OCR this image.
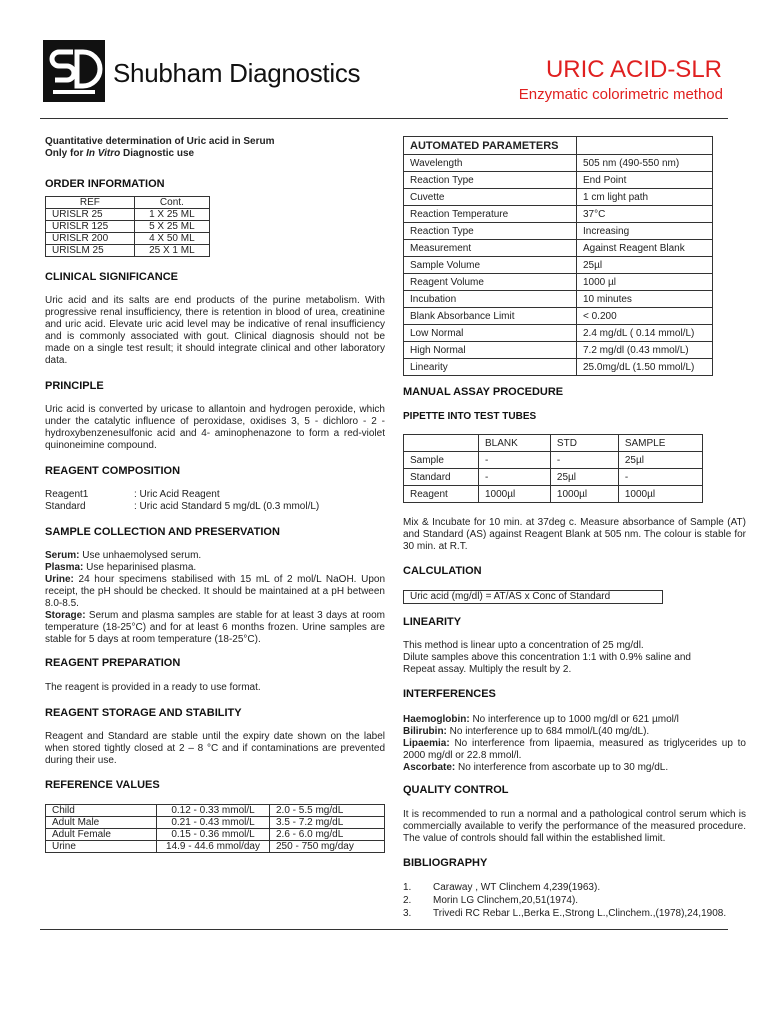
Shubham Diagnostics	URIC ACID-SLR
Enzymatic colorimetric method
Quantitative determination of Uric acid in Serum
Only for In Vitro Diagnostic use
ORDER INFORMATION
REF	Cont.
URISLR 25	1 X 25 ML
URISLR 125	5 X 25 ML
URISLR 200	4 X 50 ML
URISLM 25	25 X 1 ML
CLINICAL SIGNIFICANCE

Uric acid and its salts are end products of the purine metabolism. With progressive renal insufficiency, there is retention in blood of urea, creatinine and uric acid. Elevate uric acid level may be indicative of renal insufficiency and is commonly associated with gout. Clinical diagnosis should not be made on a single test result; it should integrate clinical and other laboratory data.

PRINCIPLE

Uric acid is converted by uricase to allantoin and hydrogen peroxide, which under the catalytic influence of peroxidase, oxidises 3, 5 - dichloro - 2 - hydroxybenzenesulfonic acid and 4- aminophenazone to form a red-violet quinoneimine compound.

REAGENT COMPOSITION
Reagent1	: Uric Acid Reagent
Standard	: Uric acid Standard 5 mg/dL (0.3 mmol/L)
SAMPLE COLLECTION AND PRESERVATION

Serum: Use unhaemolysed serum.

Plasma: Use heparinised plasma.

Urine: 24 hour specimens stabilised with 15 mL of 2 mol/L NaOH. Upon receipt, the pH should be checked. It should be maintained at a pH between 8.0-8.5.

Storage: Serum and plasma samples are stable for at least 3 days at room temperature (18-25°C) and for at least 6 months frozen. Urine samples are stable for 5 days at room temperature (18-25°C).

REAGENT PREPARATION

The reagent is provided in a ready to use format.

REAGENT STORAGE AND STABILITY

Reagent and Standard are stable until the expiry date shown on the label when stored tightly closed at 2 – 8 °C and if contaminations are prevented during their use.

REFERENCE VALUES
Child	0.12 - 0.33 mmol/L	2.0 - 5.5 mg/dL
Adult Male	0.21 - 0.43 mmol/L	3.5 - 7.2 mg/dL
Adult Female	0.15 - 0.36 mmol/L	2.6 - 6.0 mg/dL
Urine	14.9 - 44.6 mmol/day	250 - 750 mg/day
AUTOMATED PARAMETERS	
Wavelength	505 nm (490-550 nm)
Reaction Type	End Point
Cuvette	1 cm light path
Reaction Temperature	37°C
Reaction Type	Increasing
Measurement	Against Reagent Blank
Sample Volume	25µl
Reagent Volume	1000 µl
Incubation	10 minutes
Blank Absorbance Limit	< 0.200
Low Normal	2.4 mg/dL ( 0.14 mmol/L)
High Normal	7.2 mg/dl (0.43 mmol/L)
Linearity	25.0mg/dL (1.50 mmol/L)
MANUAL ASSAY PROCEDURE
PIPETTE INTO TEST TUBES
	BLANK	STD	SAMPLE
Sample	-	-	25µl
Standard	-	25µl	-
Reagent	1000µl	1000µl	1000µl

Mix & Incubate for 10 min. at 37deg c. Measure absorbance of Sample (AT) and Standard (AS) against Reagent Blank at 505 nm. The colour is stable for 30 min. at R.T.

CALCULATION
Uric acid (mg/dl) = AT/AS x Conc of Standard
LINEARITY
This method is linear upto a concentration of 25 mg/dl.
Dilute samples above this concentration 1:1 with 0.9% saline and
Repeat assay. Multiply the result by 2.
INTERFERENCES

Haemoglobin: No interference up to 1000 mg/dl or 621 µmol/l

Bilirubin: No interference up to 684 mmol/L(40 mg/dL).

Lipaemia: No interference from lipaemia, measured as triglycerides up to 2000 mg/dl or 22.8 mmol/l.

Ascorbate: No interference from ascorbate up to 30 mg/dL.

QUALITY CONTROL

It is recommended to run a normal and a pathological control serum which is commercially available to verify the performance of the measured procedure. The value of controls should fall within the established limit.

BIBLIOGRAPHY
1.	Caraway , WT Clinchem 4,239(1963).
2.	Morin LG Clinchem,20,51(1974).
3.	Trivedi RC Rebar L.,Berka E.,Strong L.,Clinchem.,(1978),24,1908.
